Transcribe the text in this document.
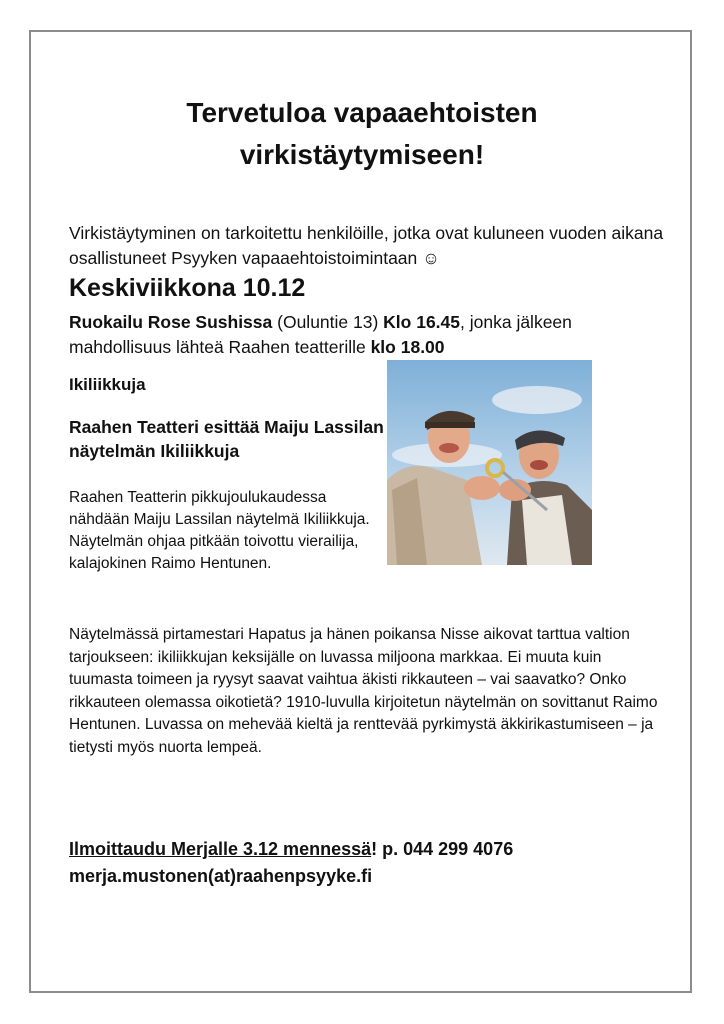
Tervetuloa vapaaehtoisten
virkistäytymiseen!
Virkistäytyminen on tarkoitettu henkilöille, jotka ovat kuluneen vuoden aikana osallistuneet Psyyken vapaaehtoistoimintaan ☺
Keskiviikkona 10.12
Ruokailu Rose Sushissa (Ouluntie 13) Klo 16.45, jonka jälkeen mahdollisuus lähteä Raahen teatterille klo 18.00
Ikiliikkuja
Raahen Teatteri esittää Maiju Lassilan näytelmän Ikiliikkuja
Raahen Teatterin pikkujoulukaudessa nähdään Maiju Lassilan näytelmä Ikiliikkuja. Näytelmän ohjaa pitkään toivottu vierailija, kalajokinen Raimo Hentunen.
Näytelmässä pirtamestari Hapatus ja hänen poikansa Nisse aikovat tarttua valtion tarjoukseen: ikiliikkujan keksijälle on luvassa miljoona markkaa. Ei muuta kuin tuumasta toimeen ja ryysyt saavat vaihtua äkisti rikkauteen – vai saavatko? Onko rikkauteen olemassa oikotietä? 1910-luvulla kirjoitetun näytelmän on sovittanut Raimo Hentunen. Luvassa on mehevää kieltä ja renttevää pyrkimystä äkkirikastumiseen – ja tietysti myös nuorta lempeä.
Ilmoittaudu Merjalle 3.12 mennessä! p. 044 299 4076
merja.mustonen(at)raahenpsyyke.fi
